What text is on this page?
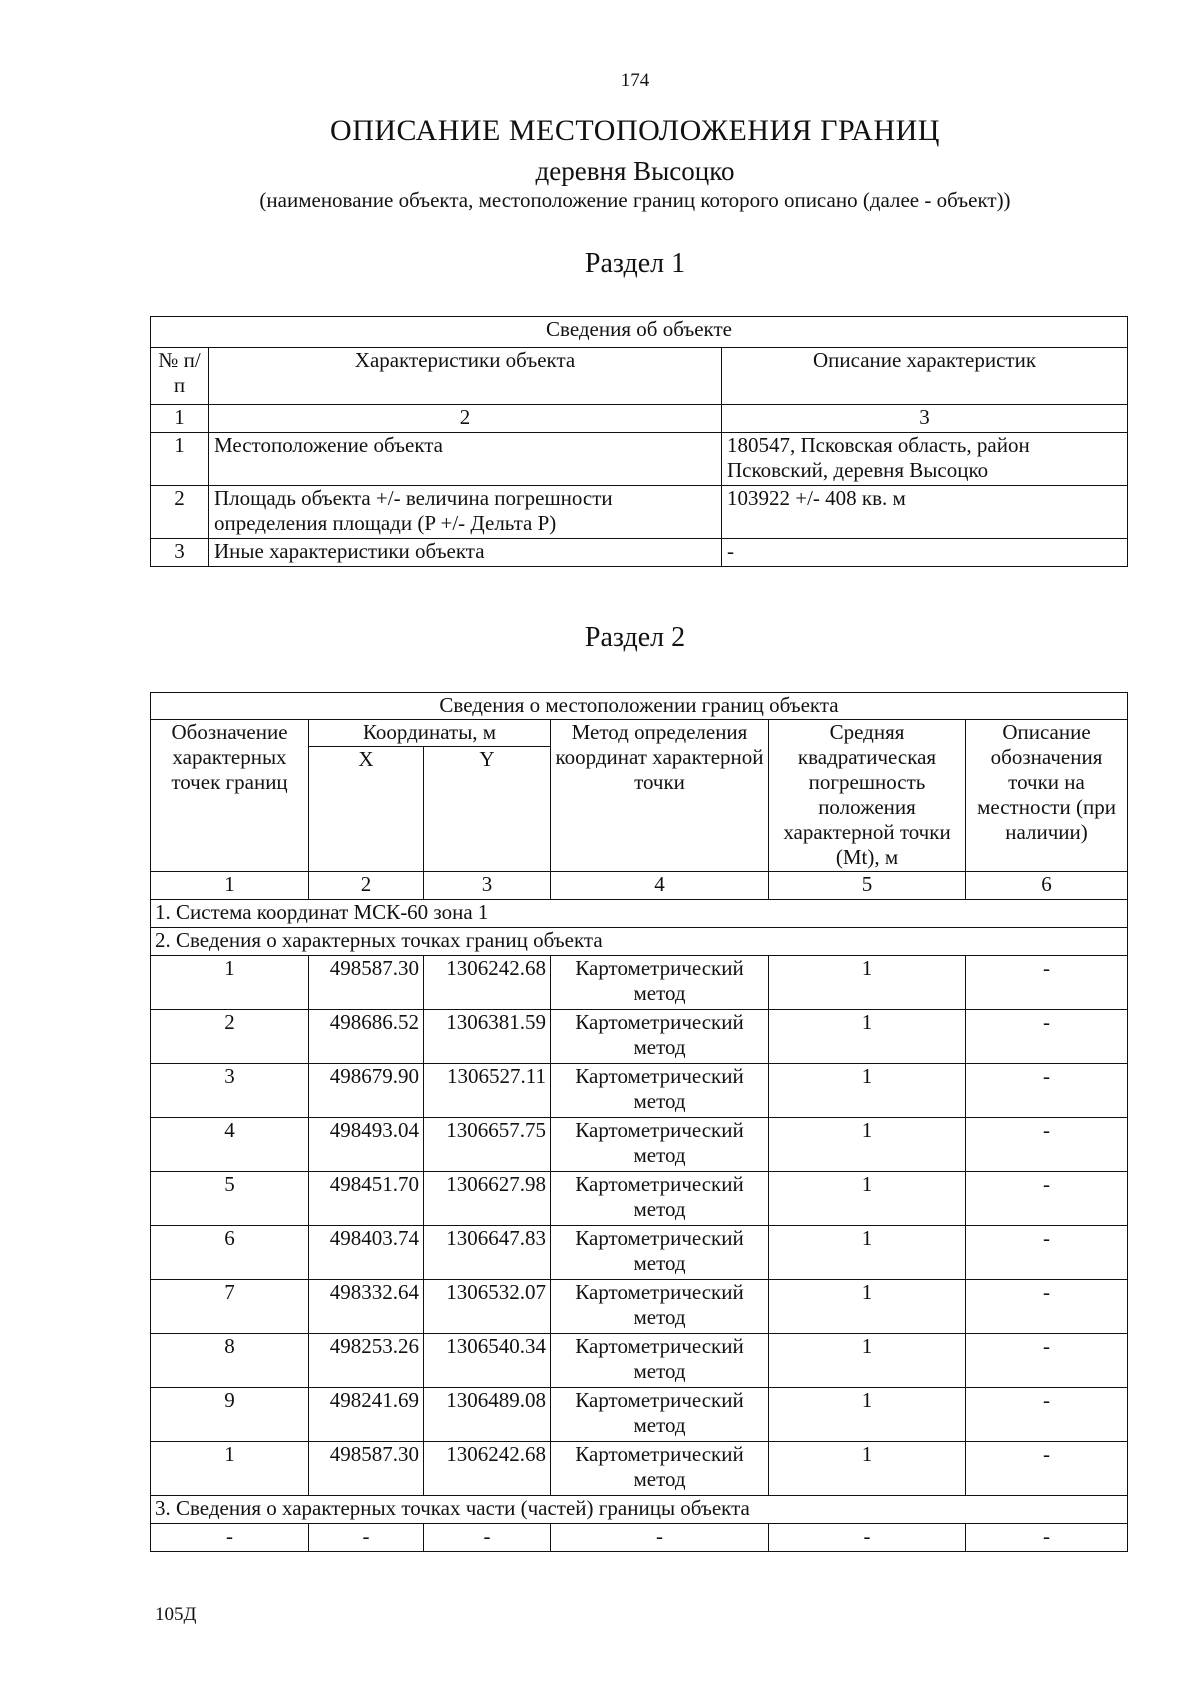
174
ОПИСАНИЕ МЕСТОПОЛОЖЕНИЯ ГРАНИЦ
деревня Высоцко
(наименование объекта, местоположение границ которого описано (далее - объект))
Раздел 1
Сведения об объекте		
№ п/п	Характеристики объекта	Описание характеристик
1	2	3
1	Местоположение объекта	180547, Псковская область, район Псковский, деревня Высоцко
2	Площадь объекта +/- величина погрешности определения площади (P +/- Дельта P)	103922 +/- 408 кв. м
3	Иные характеристики объекта	-
Раздел 2
Сведения о местоположении границ объекта					
Обозначение характерных точек границ	Координаты, м		Метод определения координат характерной точки	Средняя квадратическая погрешность положения характерной точки (Mt), м	Описание обозначения точки на местности (при наличии)
	X	Y			
1	2	3	4	5	6
1. Система координат МСК-60 зона 1					
2. Сведения о характерных точках границ объекта					
1	498587.30	1306242.68	Картометрический метод	1	-
2	498686.52	1306381.59	Картометрический метод	1	-
3	498679.90	1306527.11	Картометрический метод	1	-
4	498493.04	1306657.75	Картометрический метод	1	-
5	498451.70	1306627.98	Картометрический метод	1	-
6	498403.74	1306647.83	Картометрический метод	1	-
7	498332.64	1306532.07	Картометрический метод	1	-
8	498253.26	1306540.34	Картометрический метод	1	-
9	498241.69	1306489.08	Картометрический метод	1	-
1	498587.30	1306242.68	Картометрический метод	1	-
3. Сведения о характерных точках части (частей) границы объекта					
-	-	-	-	-	-
105Д
